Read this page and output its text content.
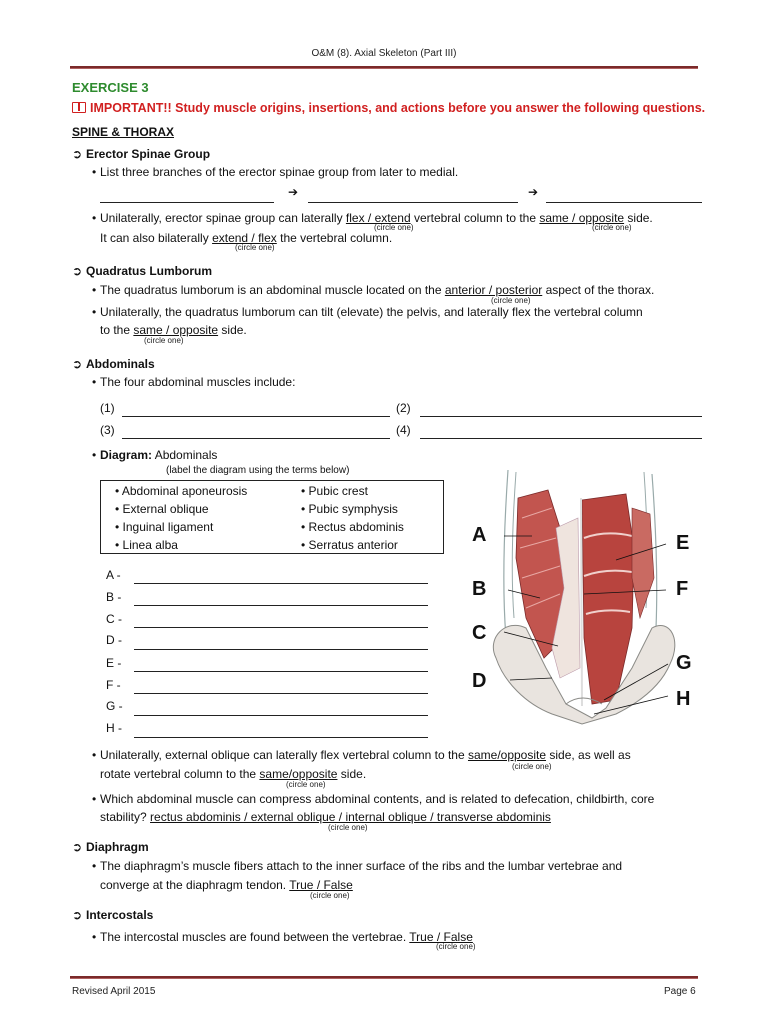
O&M (8). Axial Skeleton (Part III)
EXERCISE 3
IMPORTANT!! Study muscle origins, insertions, and actions before you answer the following questions.
SPINE & THORAX
➲ Erector Spinae Group
• List three branches of the erector spinae group from later to medial.
➔	➔
• Unilaterally, erector spinae group can laterally flex / extend vertebral column to the same / opposite side.
(circle one)	(circle one)
It can also bilaterally extend / flex the vertebral column.
(circle one)
➲ Quadratus Lumborum
• The quadratus lumborum is an abdominal muscle located on the anterior / posterior aspect of the thorax.
(circle one)
• Unilaterally, the quadratus lumborum can tilt (elevate) the pelvis, and laterally flex the vertebral column
to the same / opposite side.
(circle one)
➲ Abdominals
• The four abdominal muscles include:
(1)	(2)
(3)	(4)
• Diagram: Abdominals
(label the diagram using the terms below)
• Abdominal aponeurosis
• External oblique
• Inguinal ligament
• Linea alba
• Pubic crest
• Pubic symphysis
• Rectus abdominis
• Serratus anterior
A -
B -
C -
D -
E -
F -
G -
H -
A
B
C
D
E
F
G
H
• Unilaterally, external oblique can laterally flex vertebral column to the same/opposite side, as well as
(circle one)
rotate vertebral column to the same/opposite side.
(circle one)
• Which abdominal muscle can compress abdominal contents, and is related to defecation, childbirth, core
stability? rectus abdominis / external oblique / internal oblique / transverse abdominis
(circle one)
➲ Diaphragm
• The diaphragm’s muscle fibers attach to the inner surface of the ribs and the lumbar vertebrae and
converge at the diaphragm tendon. True / False
(circle one)
➲ Intercostals
• The intercostal muscles are found between the vertebrae. True / False
(circle one)
Revised April 2015	Page 6
